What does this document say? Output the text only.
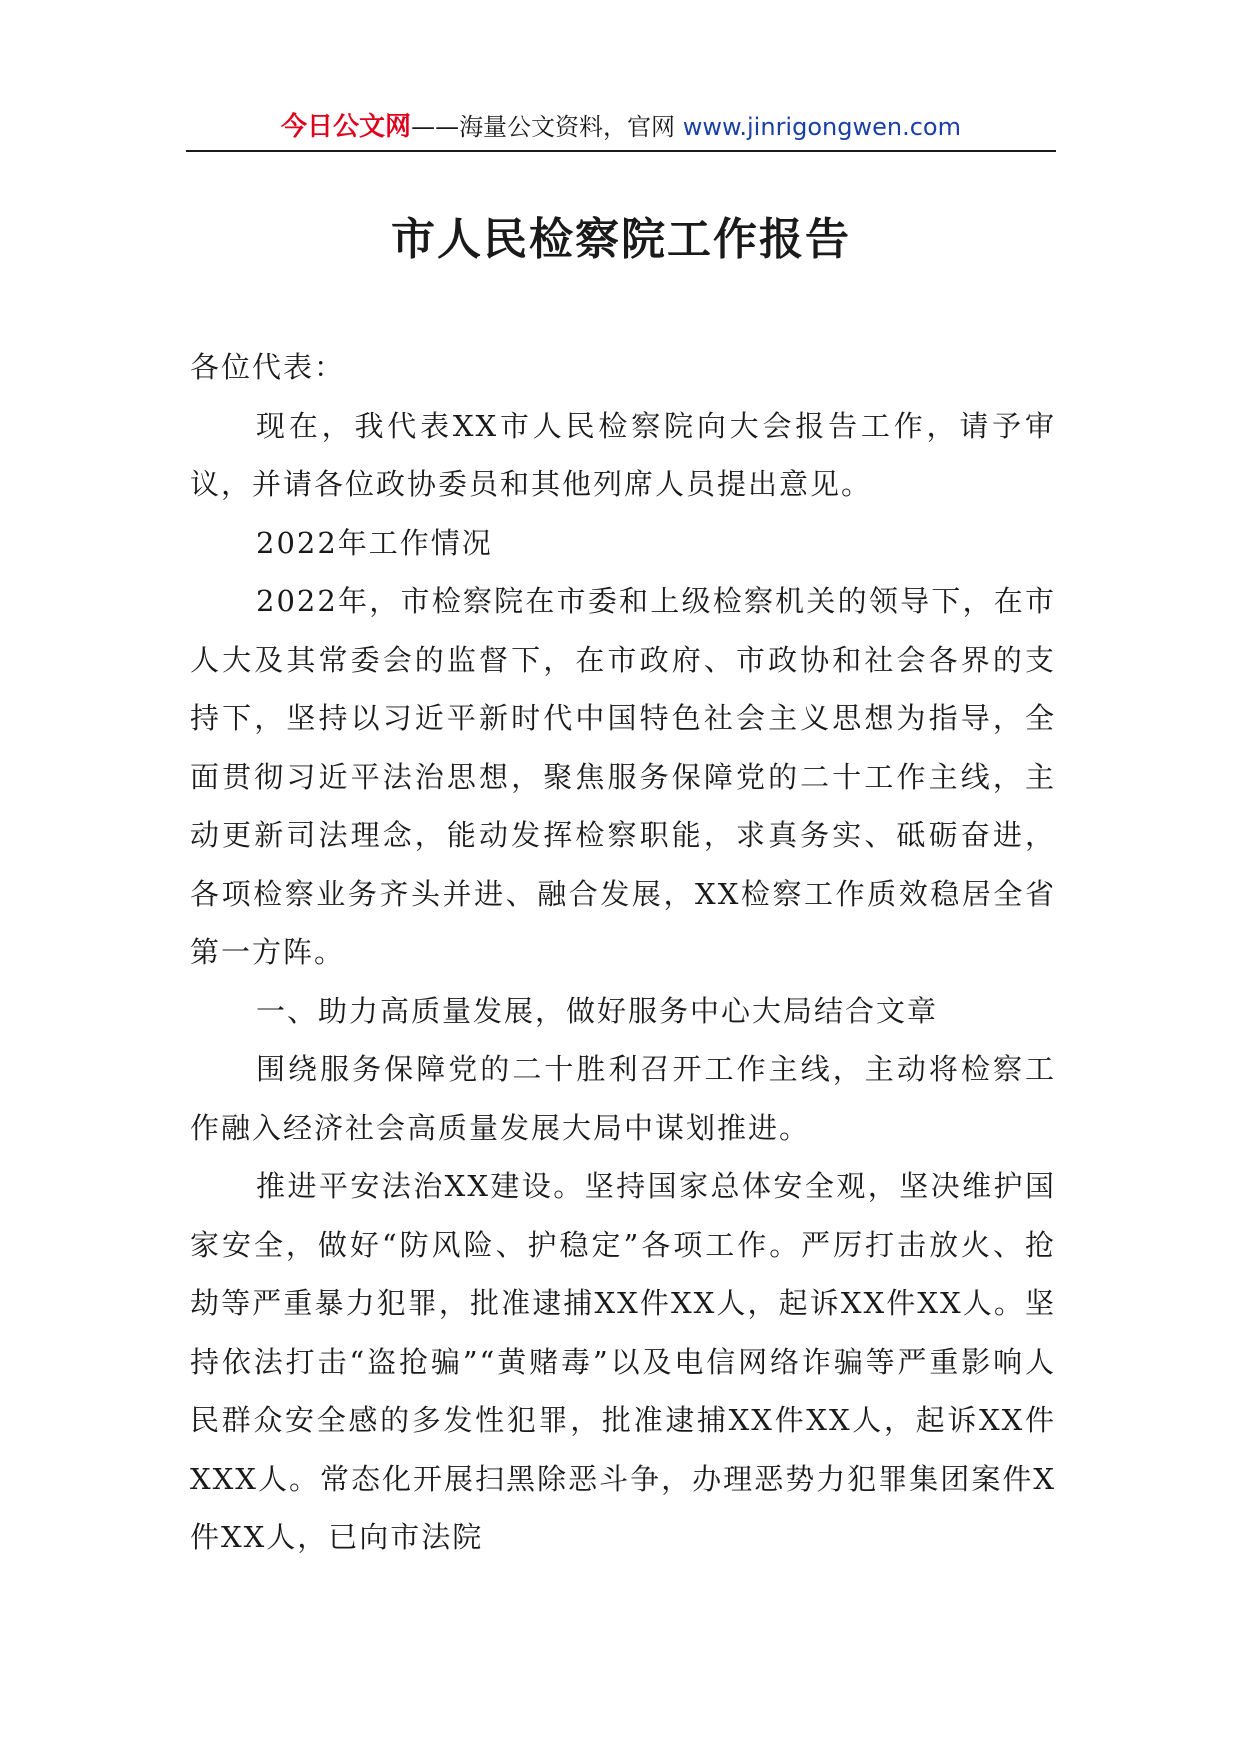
今日公文网——海量公文资料，官网 www.jinrigongwen.com
市人民检察院工作报告

各位代表：

现在，我代表XX市人民检察院向大会报告工作，请予审议，并请各位政协委员和其他列席人员提出意见。

2022年工作情况

2022年，市检察院在市委和上级检察机关的领导下，在市人大及其常委会的监督下，在市政府、市政协和社会各界的支持下，坚持以习近平新时代中国特色社会主义思想为指导，全面贯彻习近平法治思想，聚焦服务保障党的二十工作主线，主动更新司法理念，能动发挥检察职能，求真务实、砥砺奋进，各项检察业务齐头并进、融合发展，XX检察工作质效稳居全省第一方阵。

一、助力高质量发展，做好服务中心大局结合文章

围绕服务保障党的二十胜利召开工作主线，主动将检察工作融入经济社会高质量发展大局中谋划推进。

推进平安法治XX建设。坚持国家总体安全观，坚决维护国家安全，做好“防风险、护稳定”各项工作。严厉打击放火、抢劫等严重暴力犯罪，批准逮捕XX件XX人，起诉XX件XX人。坚持依法打击“盗抢骗”“黄赌毒”以及电信网络诈骗等严重影响人民群众安全感的多发性犯罪，批准逮捕XX件XX人，起诉XX件XXX人。常态化开展扫黑除恶斗争，办理恶势力犯罪集团案件X件XX人，已向市法院
